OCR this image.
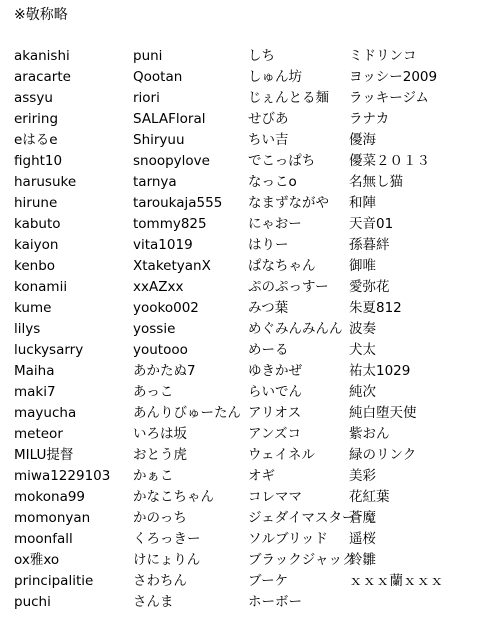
※敬称略
akanishi
aracarte
assyu
eriring
eはるe
fight10
harusuke
hirune
kabuto
kaiyon
kenbo
konamii
kume
lilys
luckysarry
Maiha
maki7
mayucha
meteor
MILU提督
miwa1229103
mokona99
momonyan
moonfall
ox雅xo
principalitie
puchi
puni
Qootan
riori
SALAFloral
Shiryuu
snoopylove
tarnya
taroukaja555
tommy825
vita1019
XtaketyanX
xxAZxx
yooko002
yossie
youtooo
あかたぬ7
あっこ
あんりびゅーたん
いろは坂
おとう虎
かぁこ
かなこちゃん
かのっち
くろっきー
けにょりん
さわちん
さんま
しち
しゅん坊
じぇんとる麺
せびあ
ちい吉
でこっぱち
なっこo
なまずながや
にゃおー
はりー
ぱなちゃん
ぷのぷっすー
みつ葉
めぐみんみんん
めーる
ゆきかぜ
らいでん
アリオス
アンズコ
ウェイネル
オギ
コレママ
ジェダイマスター
ソルブリッド
ブラックジャック
ブーケ
ホーボー
ミドリンコ
ヨッシー2009
ラッキージム
ラナカ
優海
優菜２０１３
名無し猫
和陣
天音01
孫暮絆
御唯
愛弥花
朱夏812
波奏
犬太
祐太1029
純次
純白堕天使
紫おん
緑のリンク
美彩
花紅葉
蒼魔
遥桜
鈴雛
ｘｘｘ蘭ｘｘｘ
